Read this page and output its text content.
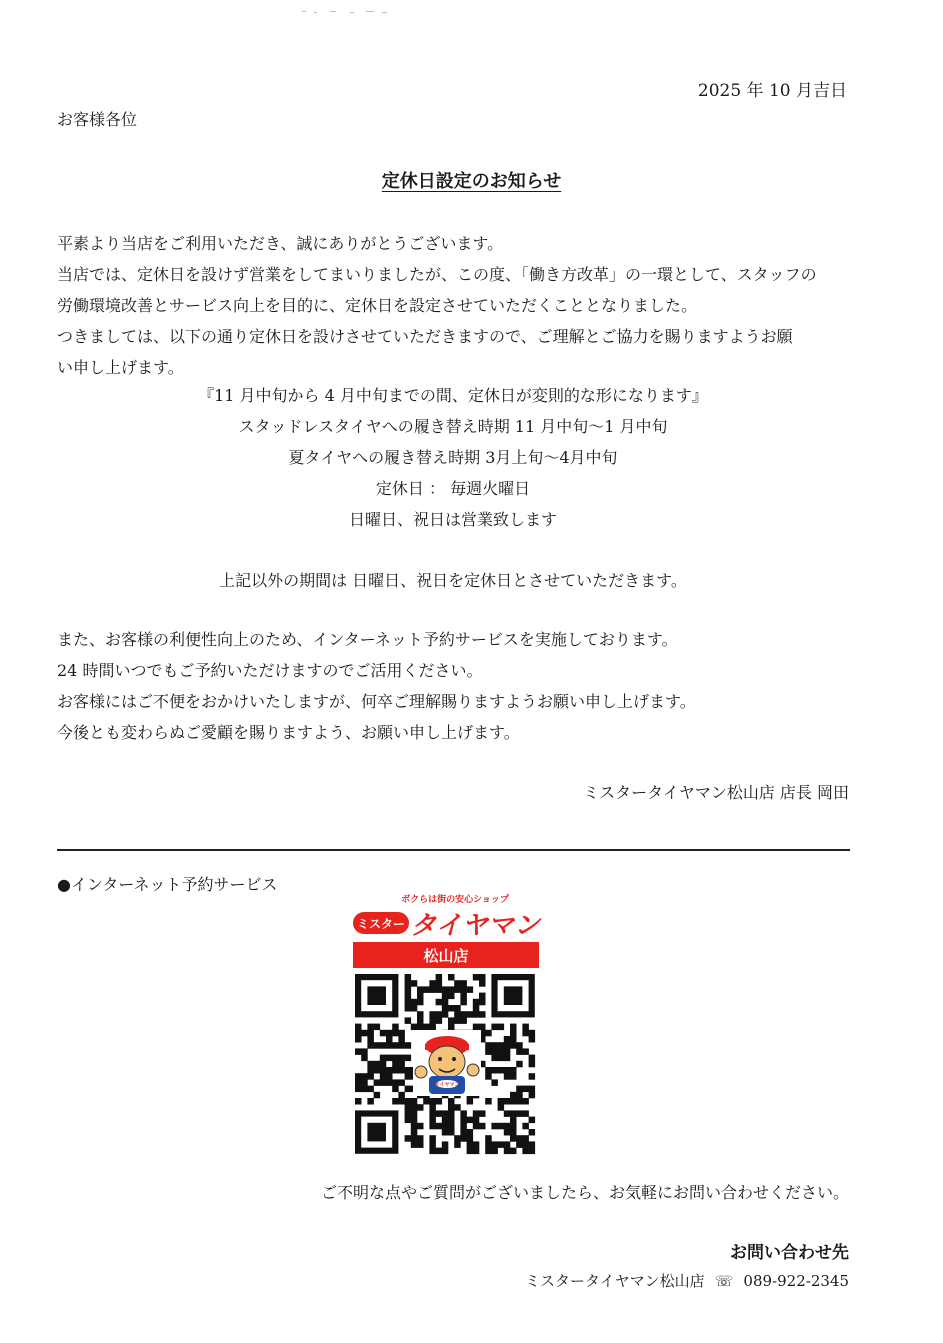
2025 年 10 月吉日
お客様各位
定休日設定のお知らせ
平素より当店をご利用いただき、誠にありがとうございます。
当店では、定休日を設けず営業をしてまいりましたが、この度、「働き方改革」の一環として、スタッフの
労働環境改善とサービス向上を目的に、定休日を設定させていただくこととなりました。
つきましては、以下の通り定休日を設けさせていただきますので、ご理解とご協力を賜りますようお願
い申し上げます。
『11 月中旬から 4 月中旬までの間、定休日が変則的な形になります』
スタッドレスタイヤへの履き替え時期 11 月中旬〜1 月中旬
夏タイヤへの履き替え時期 3月上旬〜4月中旬
定休日 ： 毎週火曜日
日曜日、祝日は営業致します
上記以外の期間は 日曜日、祝日を定休日とさせていただきます。
また、お客様の利便性向上のため、インターネット予約サービスを実施しております。
24 時間いつでもご予約いただけますのでご活用ください。
お客様にはご不便をおかけいたしますが、何卒ご理解賜りますようお願い申し上げます。
今後とも変わらぬご愛顧を賜りますよう、お願い申し上げます。
ミスタータイヤマン松山店 店長 岡田
●インターネット予約サービス
ボクらは街の安心ショップ
ミスター タイヤマン
松山店
タイヤマン
ご不明な点やご質問がございましたら、お気軽にお問い合わせください。
お問い合わせ先
ミスタータイヤマン松山店 ☏ 089-922-2345
